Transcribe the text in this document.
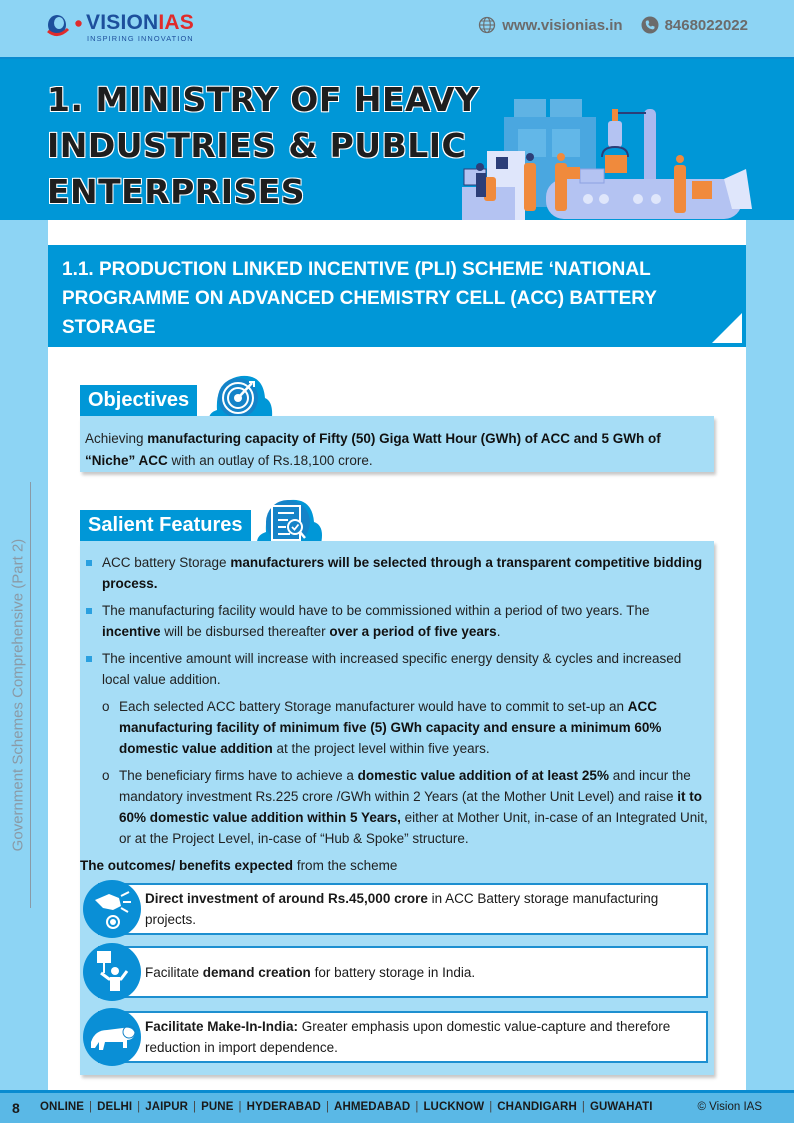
VISIONIAS
INSPIRING INNOVATION
www.visionias.in	8468022022
1. MINISTRY OF HEAVY INDUSTRIES & PUBLIC ENTERPRISES
Government Schemes Comprehensive (Part 2)
1.1. PRODUCTION LINKED INCENTIVE (PLI) SCHEME ‘NATIONAL PROGRAMME ON ADVANCED CHEMISTRY CELL (ACC) BATTERY STORAGE
Objectives
Achieving manufacturing capacity of Fifty (50) Giga Watt Hour (GWh) of ACC and 5 GWh of “Niche” ACC with an outlay of Rs.18,100 crore.
Salient Features
ACC battery Storage manufacturers will be selected through a transparent competitive bidding process.
The manufacturing facility would have to be commissioned within a period of two years. The incentive will be disbursed thereafter over a period of five years.
The incentive amount will increase with increased specific energy density & cycles and increased local value addition.
o Each selected ACC battery Storage manufacturer would have to commit to set-up an ACC manufacturing facility of minimum five (5) GWh capacity and ensure a minimum 60% domestic value addition at the project level within five years.
o The beneficiary firms have to achieve a domestic value addition of at least 25% and incur the mandatory investment Rs.225 crore /GWh within 2 Years (at the Mother Unit Level) and raise it to 60% domestic value addition within 5 Years, either at Mother Unit, in-case of an Integrated Unit, or at the Project Level, in-case of “Hub & Spoke” structure.
The outcomes/ benefits expected from the scheme
Direct investment of around Rs.45,000 crore in ACC Battery storage manufacturing projects.
Facilitate demand creation for battery storage in India.
Facilitate Make-In-India: Greater emphasis upon domestic value-capture and therefore reduction in import dependence.
8 ONLINE | DELHI | JAIPUR | PUNE | HYDERABAD | AHMEDABAD | LUCKNOW | CHANDIGARH | GUWAHATI	© Vision IAS
